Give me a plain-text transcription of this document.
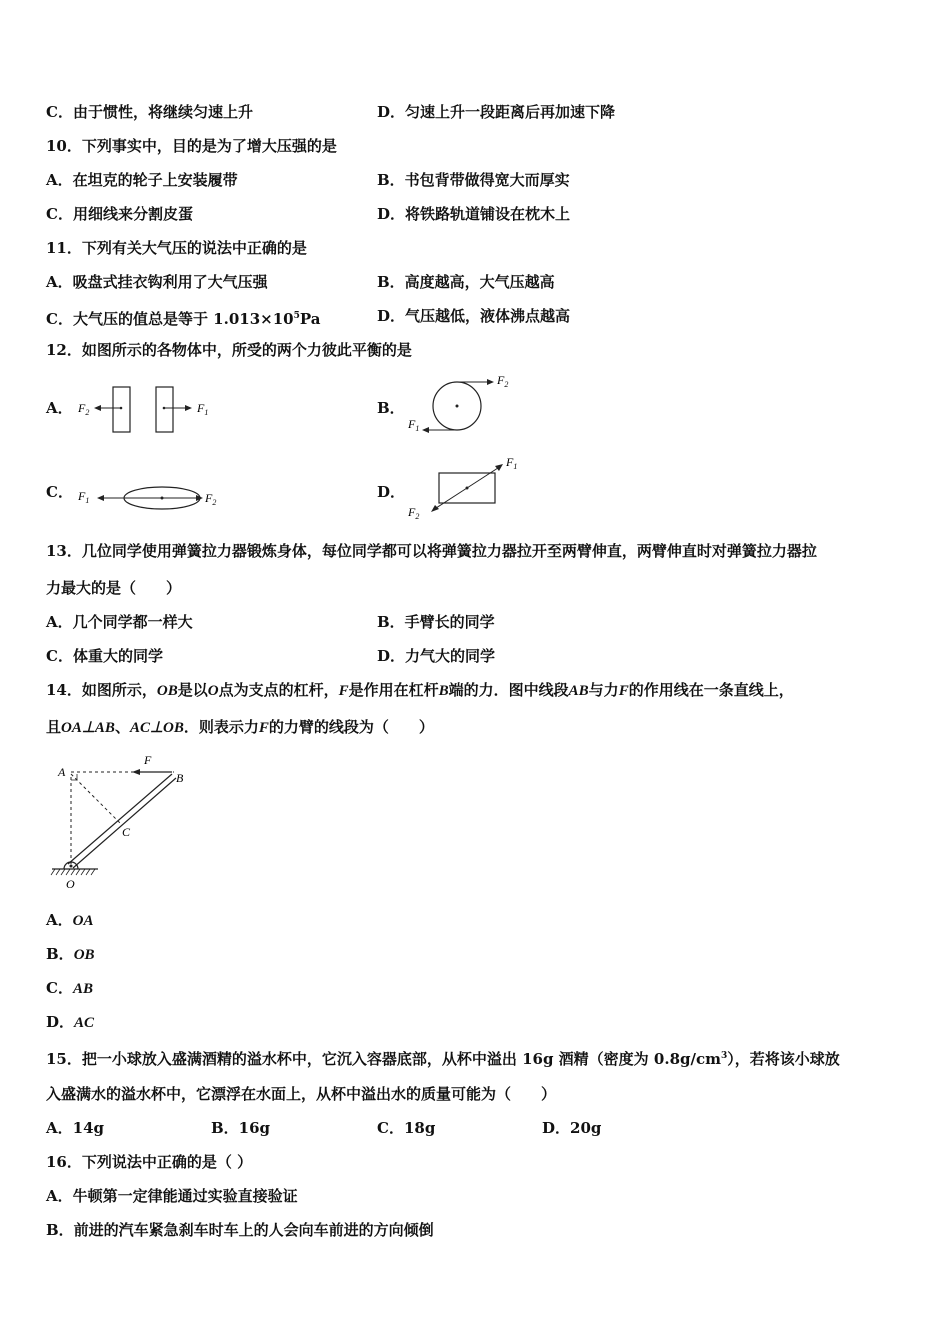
C．由于惯性，将继续匀速上升	D．匀速上升一段距离后再加速下降
10．下列事实中，目的是为了增大压强的是
A．在坦克的轮子上安装履带	B．书包背带做得宽大而厚实
C．用细线来分割皮蛋	D．将铁路轨道铺设在枕木上
11．下列有关大气压的说法中正确的是
A．吸盘式挂衣钩利用了大气压强	B．高度越高，大气压越高
C．大气压的值总是等于 $1.013\times 10^5Pa$	D．气压越低，液体沸点越高
12．如图所示的各物体中，所受的两个力彼此平衡的是
A． $F_2$	$F_1$	B．
$F_2$
$F_1$
C． $F_1$	$F_2$
D．
$F_1$
$F_2$
13．几位同学使用弹簧拉力器锻炼身体，每位同学都可以将弹簧拉力器拉开至两臂伸直，两臂伸直时对弹簧拉力器拉
力最大的是（　　）
A．几个同学都一样大	B．手臂长的同学
C．体重大的同学	D．力气大的同学
14．如图所示，OB是以O点为支点的杠杆，F是作用在杠杆B端的力．图中线段AB与力F的作用线在一条直线上，
且OA⊥AB、AC⊥OB．则表示力F的力臂的线段为（　　）
A	B
C
O
F
A．OA
B．OB
C．AB
D．AC
15．把一小球放入盛满酒精的溢水杯中，它沉入容器底部，从杯中溢出 16g 酒精（密度为 $0.8g/cm^3$），若将该小球放
入盛满水的溢水杯中，它漂浮在水面上，从杯中溢出水的质量可能为（　　）
A．14g	B．16g	C．18g	D．20g
16．下列说法中正确的是（ ）
A．牛顿第一定律能通过实验直接验证
B．前进的汽车紧急刹车时车上的人会向车前进的方向倾倒
